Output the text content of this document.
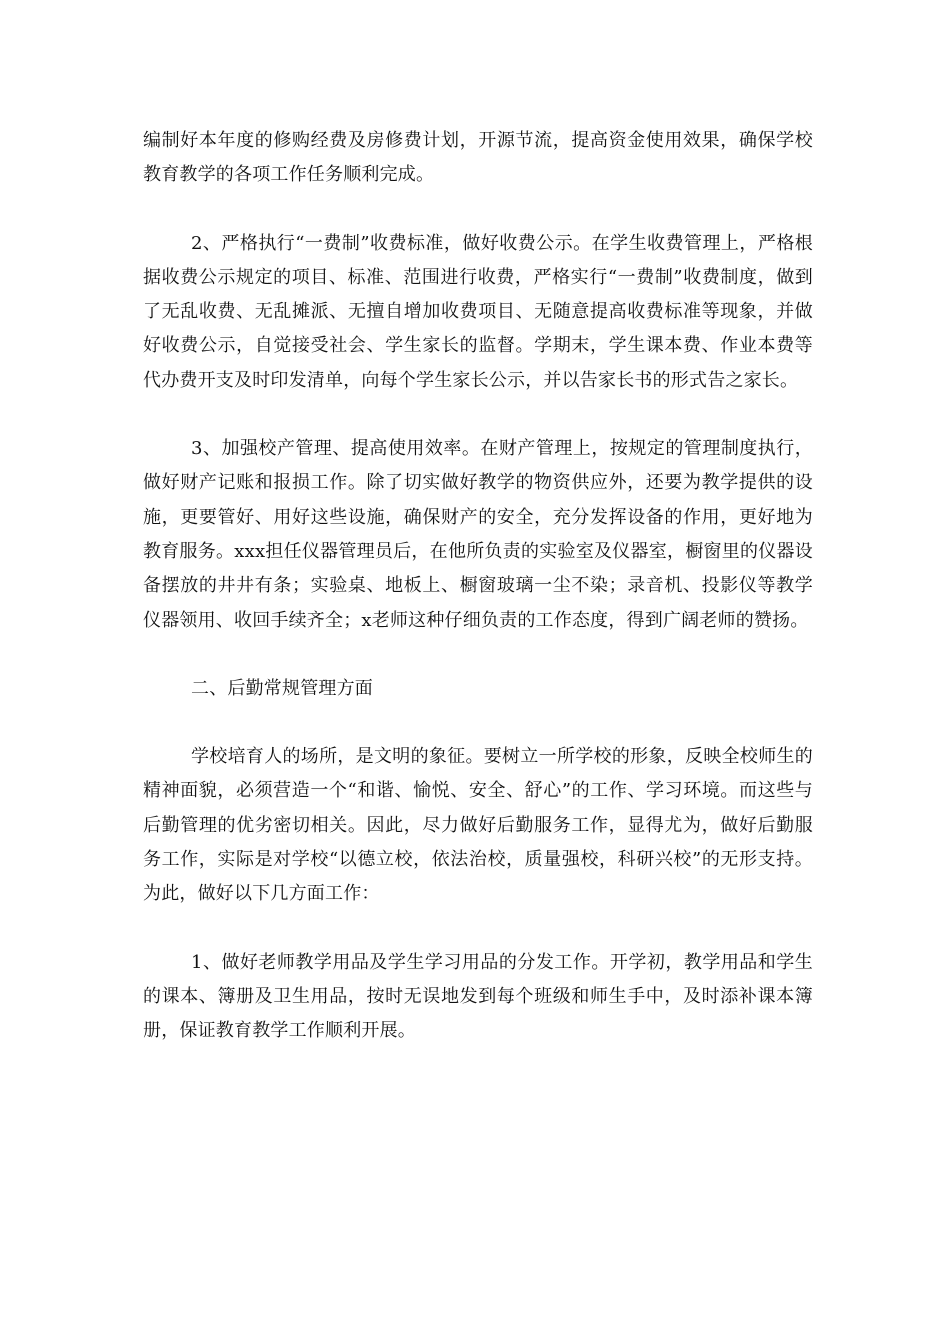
编制好本年度的修购经费及房修费计划，开源节流，提高资金使用效果，确保学校教育教学的各项工作任务顺利完成。

2、严格执行“一费制”收费标准，做好收费公示。在学生收费管理上，严格根据收费公示规定的项目、标准、范围进行收费，严格实行“一费制”收费制度，做到了无乱收费、无乱摊派、无擅自增加收费项目、无随意提高收费标准等现象，并做好收费公示，自觉接受社会、学生家长的监督。学期末，学生课本费、作业本费等代办费开支及时印发清单，向每个学生家长公示，并以告家长书的形式告之家长。

3、加强校产管理、提高使用效率。在财产管理上，按规定的管理制度执行，做好财产记账和报损工作。除了切实做好教学的物资供应外，还要为教学提供的设施，更要管好、用好这些设施，确保财产的安全，充分发挥设备的作用，更好地为教育服务。xxx担任仪器管理员后，在他所负责的实验室及仪器室，橱窗里的仪器设备摆放的井井有条；实验桌、地板上、橱窗玻璃一尘不染；录音机、投影仪等教学仪器领用、收回手续齐全；x老师这种仔细负责的工作态度，得到广阔老师的赞扬。

二、后勤常规管理方面

学校培育人的场所，是文明的象征。要树立一所学校的形象，反映全校师生的精神面貌，必须营造一个“和谐、愉悦、安全、舒心”的工作、学习环境。而这些与后勤管理的优劣密切相关。因此，尽力做好后勤服务工作，显得尤为，做好后勤服务工作，实际是对学校“以德立校，依法治校，质量强校，科研兴校”的无形支持。为此，做好以下几方面工作：

1、做好老师教学用品及学生学习用品的分发工作。开学初，教学用品和学生的课本、簿册及卫生用品，按时无误地发到每个班级和师生手中，及时添补课本簿册，保证教育教学工作顺利开展。
